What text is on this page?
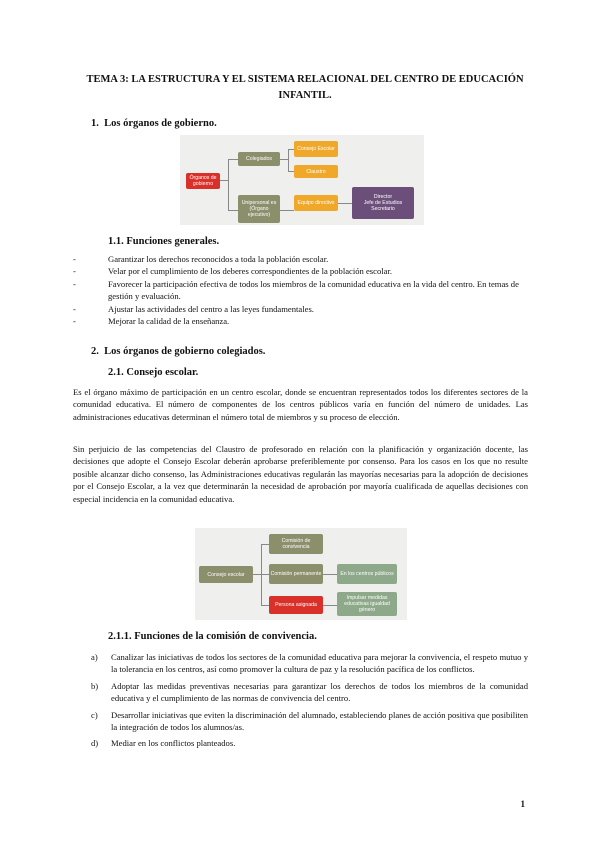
TEMA 3: LA ESTRUCTURA Y EL SISTEMA RELACIONAL DEL CENTRO DE EDUCACIÓN INFANTIL.
1. Los órganos de gobierno.
Órganos de gobierno
Colegiados
Unipersonal es (Órgano ejecutivo)
Consejo Escolar
Claustro
Equipo directivo
Director
Jefe de Estudios
Secretario
1.1. Funciones generales.
-	Garantizar los derechos reconocidos a toda la población escolar.
-	Velar por el cumplimiento de los deberes correspondientes de la población escolar.
-	Favorecer la participación efectiva de todos los miembros de la comunidad educativa en la vida del centro. En temas de gestión y evaluación.
-	Ajustar las actividades del centro a las leyes fundamentales.
-	Mejorar la calidad de la enseñanza.
2. Los órganos de gobierno colegiados.
2.1. Consejo escolar.
Es el órgano máximo de participación en un centro escolar, donde se encuentran representados todos los diferentes sectores de la comunidad educativa. El número de componentes de los centros públicos varía en función del número de unidades. Las administraciones educativas determinan el número total de miembros y su proceso de elección.
Sin perjuicio de las competencias del Claustro de profesorado en relación con la planificación y organización docente, las decisiones que adopte el Consejo Escolar deberán aprobarse preferiblemente por consenso. Para los casos en los que no resulte posible alcanzar dicho consenso, las Administraciones educativas regularán las mayorías necesarias para la adopción de decisiones por el Consejo Escolar, a la vez que determinarán la necesidad de aprobación por mayoría cualificada de aquellas decisiones con especial incidencia en la comunidad educativa.
Consejo escolar
Comisión de convivencia
Comisión permanente
Persona asignada
En los centros públicos
Impulsar medidas educativas igualdad género
2.1.1. Funciones de la comisión de convivencia.
a) Canalizar las iniciativas de todos los sectores de la comunidad educativa para mejorar la convivencia, el respeto mutuo y la tolerancia en los centros, así como promover la cultura de paz y la resolución pacífica de los conflictos.
b) Adoptar las medidas preventivas necesarias para garantizar los derechos de todos los miembros de la comunidad educativa y el cumplimiento de las normas de convivencia del centro.
c) Desarrollar iniciativas que eviten la discriminación del alumnado, estableciendo planes de acción positiva que posibiliten la integración de todos los alumnos/as.
d) Mediar en los conflictos planteados.
1
